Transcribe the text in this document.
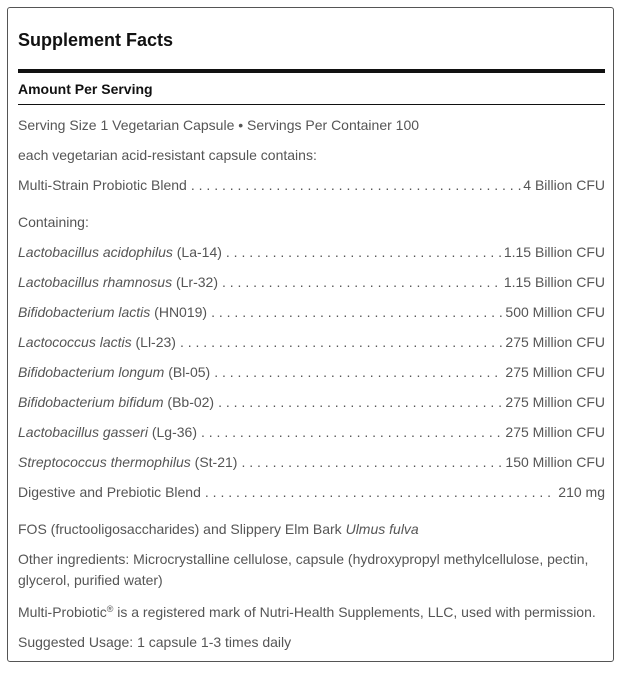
Supplement Facts
Amount Per Serving
Serving Size 1 Vegetarian Capsule • Servings Per Container 100
each vegetarian acid-resistant capsule contains:
Multi-Strain Probiotic Blend . . .	4 Billion CFU
Containing:
Lactobacillus acidophilus (La-14) . . .	1.15 Billion CFU
Lactobacillus rhamnosus (Lr-32) . . .	1.15 Billion CFU
Bifidobacterium lactis (HN019) . . .	500 Million CFU
Lactococcus lactis (Ll-23) . . .	275 Million CFU
Bifidobacterium longum (Bl-05) . . .	275 Million CFU
Bifidobacterium bifidum (Bb-02) . . .	275 Million CFU
Lactobacillus gasseri (Lg-36) . . .	275 Million CFU
Streptococcus thermophilus (St-21) . . .	150 Million CFU
Digestive and Prebiotic Blend . . .	210 mg
FOS (fructooligosaccharides) and Slippery Elm Bark Ulmus fulva
Other ingredients: Microcrystalline cellulose, capsule (hydroxypropyl methylcellulose, pectin, glycerol, purified water)
Multi-Probiotic® is a registered mark of Nutri-Health Supplements, LLC, used with permission.
Suggested Usage: 1 capsule 1-3 times daily
